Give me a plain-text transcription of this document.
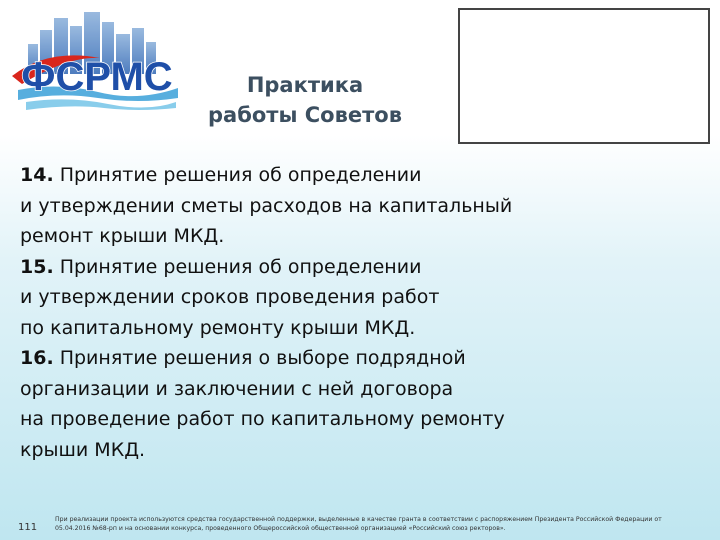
ФСРМС	Практика
работы Советов
14. Принятие решения об определении
и утверждении сметы расходов на капитальный
ремонт крыши МКД.
15. Принятие решения об определении
и утверждении сроков проведения работ
по капитальному ремонту крыши МКД.
16. Принятие решения о выборе подрядной
организации и заключении с ней договора
на проведение работ по капитальному ремонту
крыши МКД.
111
При реализации проекта используются средства государственной поддержки, выделенные в качестве гранта в соответствии с распоряжением Президента Российской Федерации от
05.04.2016 №68-рп и на основании конкурса, проведенного Общероссийской общественной организацией «Российский союз ректоров».
